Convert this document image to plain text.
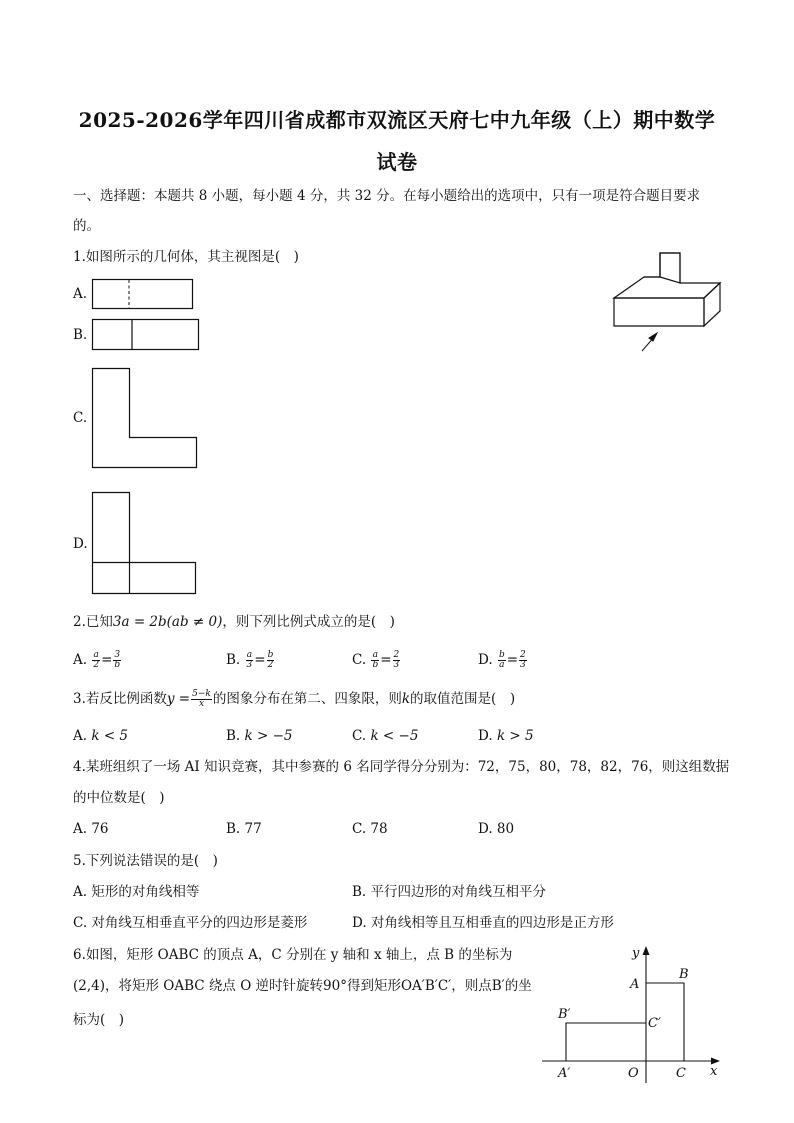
2025-2026学年四川省成都市双流区天府七中九年级（上）期中数学
试卷
一、选择题：本题共 8 小题，每小题 4 分，共 32 分。在每小题给出的选项中，只有一项是符合题目要求
的。
1.如图所示的几何体，其主视图是(　)
A.
B.
C.
D.
2.已知3a = 2b(ab ≠ 0)，则下列比例式成立的是(　)
A. $\frac{a}{2} = \frac{3}{b}$	B. $\frac{a}{3} = \frac{b}{2}$	C. $\frac{a}{b} = \frac{2}{3}$	D. $\frac{b}{a} = \frac{2}{3}$
3.若反比例函数$y = \frac{5-k}{x}$ 的图象分布在第二、四象限，则k的取值范围是(　)
A. k < 5	B. k > −5	C. k < −5	D. k > 5
4.某班组织了一场 AI 知识竞赛，其中参赛的 6 名同学得分分别为：72，75，80，78，82，76，则这组数据
的中位数是(　)
A. 76	B. 77	C. 78	D. 80
5.下列说法错误的是(　)
A. 矩形的对角线相等	B. 平行四边形的对角线互相平分
C. 对角线互相垂直平分的四边形是菱形	D. 对角线相等且互相垂直的四边形是正方形
6.如图，矩形 OABC 的顶点 A，C 分别在 y 轴和 x 轴上，点 B 的坐标为
(2,4)，将矩形 OABC 绕点 O 逆时针旋转90°得到矩形OA′B′C′，则点B′的坐
标为(　)
y
x
B
A
B′
C′
A′	O	C
